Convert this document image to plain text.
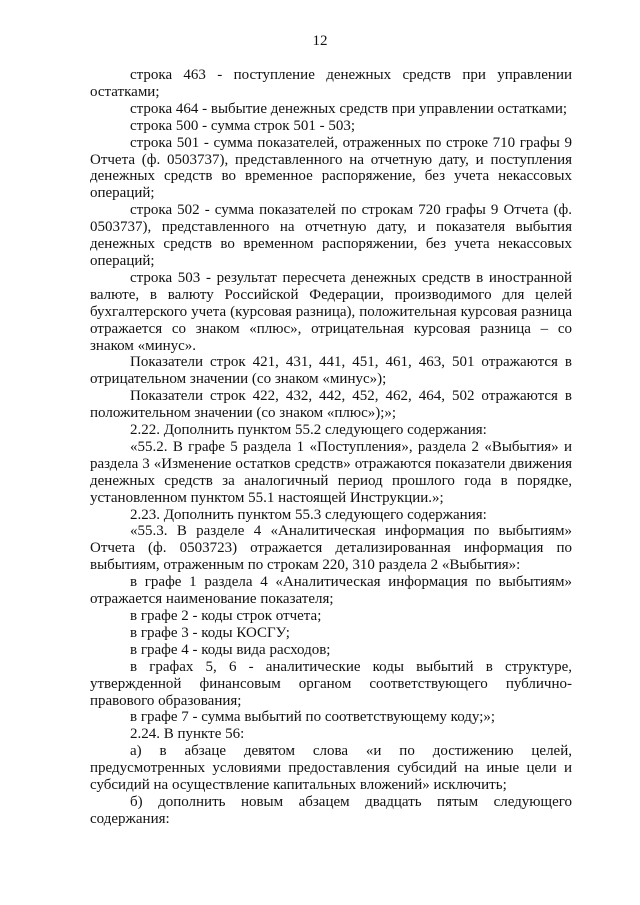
12

строка 463 - поступление денежных средств при управлении остатками;

строка 464 - выбытие денежных средств при управлении остатками;

строка 500 - сумма строк 501 - 503;

строка 501 - сумма показателей, отраженных по строке 710 графы 9 Отчета (ф. 0503737), представленного на отчетную дату, и поступления денежных средств во временное распоряжение, без учета некассовых операций;

строка 502 - сумма показателей по строкам 720 графы 9 Отчета (ф. 0503737), представленного на отчетную дату, и показателя выбытия денежных средств во временном распоряжении, без учета некассовых операций;

строка 503 - результат пересчета денежных средств в иностранной валюте, в валюту Российской Федерации, производимого для целей бухгалтерского учета (курсовая разница), положительная курсовая разница отражается со знаком «плюс», отрицательная курсовая разница – со знаком «минус».

Показатели строк 421, 431, 441, 451, 461, 463, 501 отражаются в отрицательном значении (со знаком «минус»);

Показатели строк 422, 432, 442, 452, 462, 464, 502 отражаются в положительном значении (со знаком «плюс»);»;

2.22. Дополнить пунктом 55.2 следующего содержания:

«55.2. В графе 5 раздела 1 «Поступления», раздела 2 «Выбытия» и раздела 3 «Изменение остатков средств» отражаются показатели движения денежных средств за аналогичный период прошлого года в порядке, установленном пунктом 55.1 настоящей Инструкции.»;

2.23. Дополнить пунктом 55.3 следующего содержания:

«55.3. В разделе 4 «Аналитическая информация по выбытиям» Отчета (ф. 0503723) отражается детализированная информация по выбытиям, отраженным по строкам 220, 310 раздела 2 «Выбытия»:

в графе 1 раздела 4 «Аналитическая информация по выбытиям» отражается наименование показателя;

в графе 2 - коды строк отчета;

в графе 3 - коды КОСГУ;

в графе 4 - коды вида расходов;

в графах 5, 6 - аналитические коды выбытий в структуре, утвержденной финансовым органом соответствующего публично-правового образования;

в графе 7 - сумма выбытий по соответствующему коду;»;

2.24. В пункте 56:

а) в абзаце девятом слова «и по достижению целей, предусмотренных условиями предоставления субсидий на иные цели и субсидий на осуществление капитальных вложений» исключить;

б) дополнить новым абзацем двадцать пятым следующего содержания:
